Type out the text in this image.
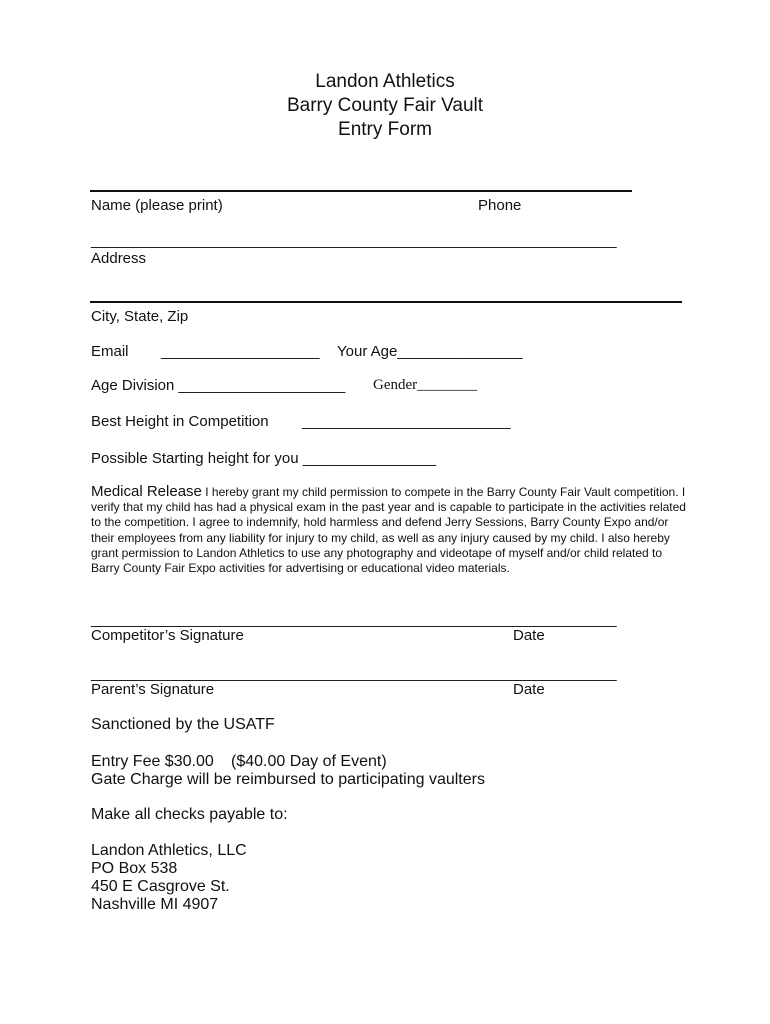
Landon Athletics
Barry County Fair Vault
Entry Form
Name (please print)	Phone
_______________________________________________________________
Address
City, State, Zip
Email ___________________ Your Age_______________
Age Division ____________________ Gender________
Best Height in Competition _________________________
Possible Starting height for you ________________
Medical Release I hereby grant my child permission to compete in the Barry County Fair Vault competition. I verify that my child has had a physical exam in the past year and is capable to participate in the activities related to the competition. I agree to indemnify, hold harmless and defend Jerry Sessions, Barry County Expo and/or their employees from any liability for injury to my child, as well as any injury caused by my child. I also hereby grant permission to Landon Athletics to use any photography and videotape of myself and/or child related to Barry County Fair Expo activities for advertising or educational video materials.
_______________________________________________________________
Competitor’s Signature	Date
_______________________________________________________________
Parent’s Signature	Date
Sanctioned by the USATF
Entry Fee $30.00 ($40.00 Day of Event)
Gate Charge will be reimbursed to participating vaulters
Make all checks payable to:
Landon Athletics, LLC
PO Box 538
450 E Casgrove St.
Nashville MI 4907
